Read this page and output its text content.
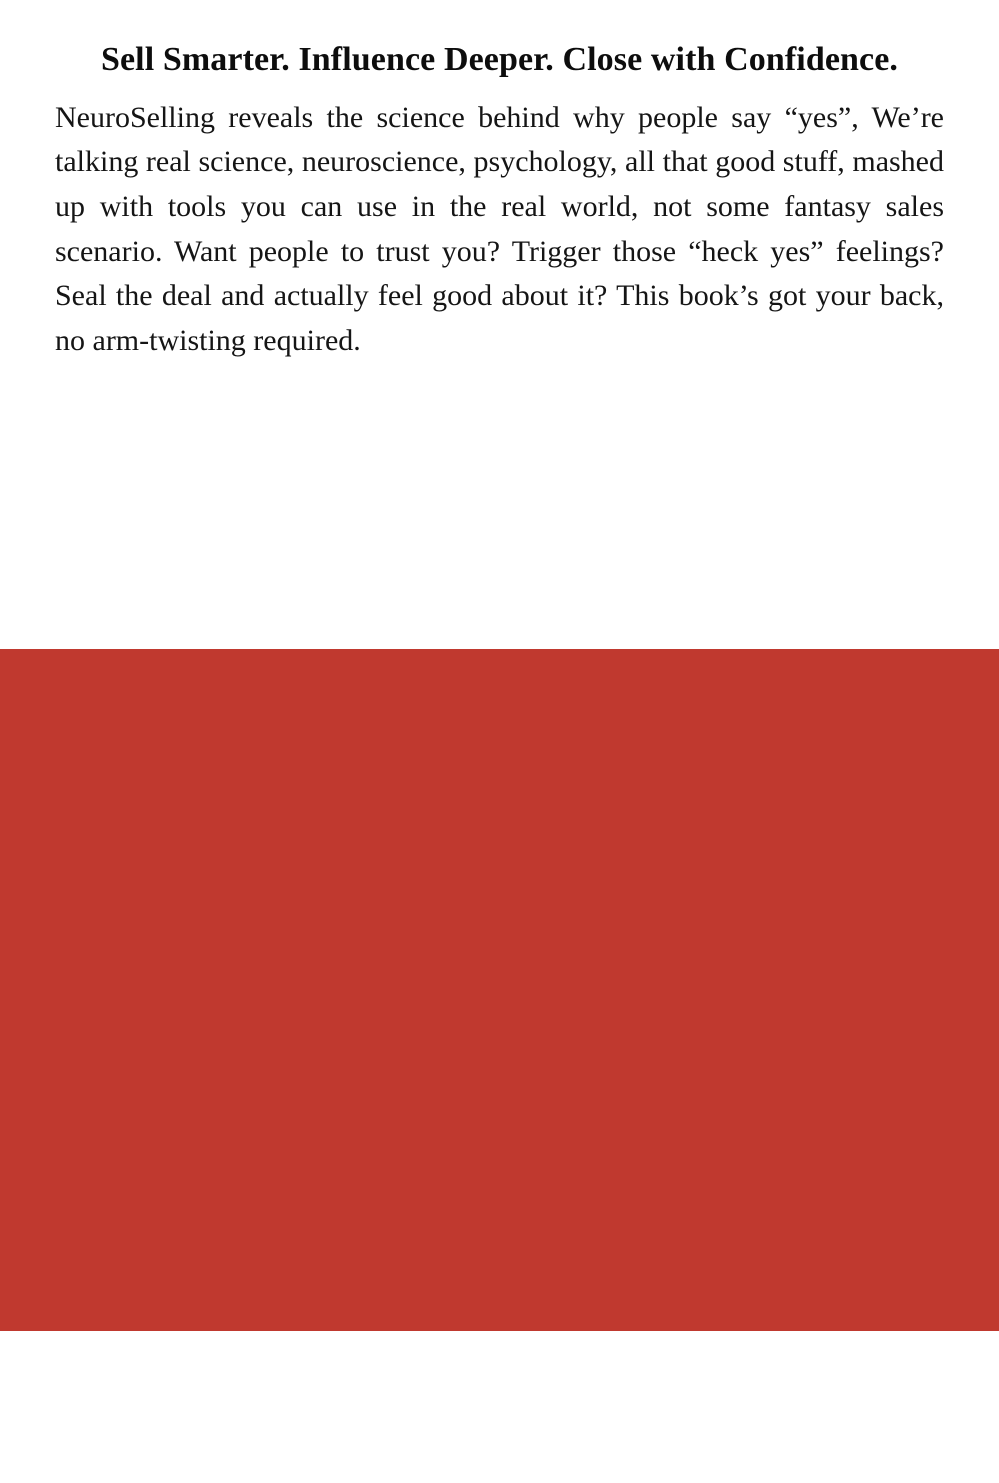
Sell Smarter. Influence Deeper. Close with Confidence.

NeuroSelling reveals the science behind why people say “yes”, We’re talking real science, neuroscience, psychology, all that good stuff, mashed up with tools you can use in the real world, not some fantasy sales scenario. Want people to trust you? Trigger those “heck yes” feelings? Seal the deal and actually feel good about it? This book’s got your back, no arm-twisting required.
